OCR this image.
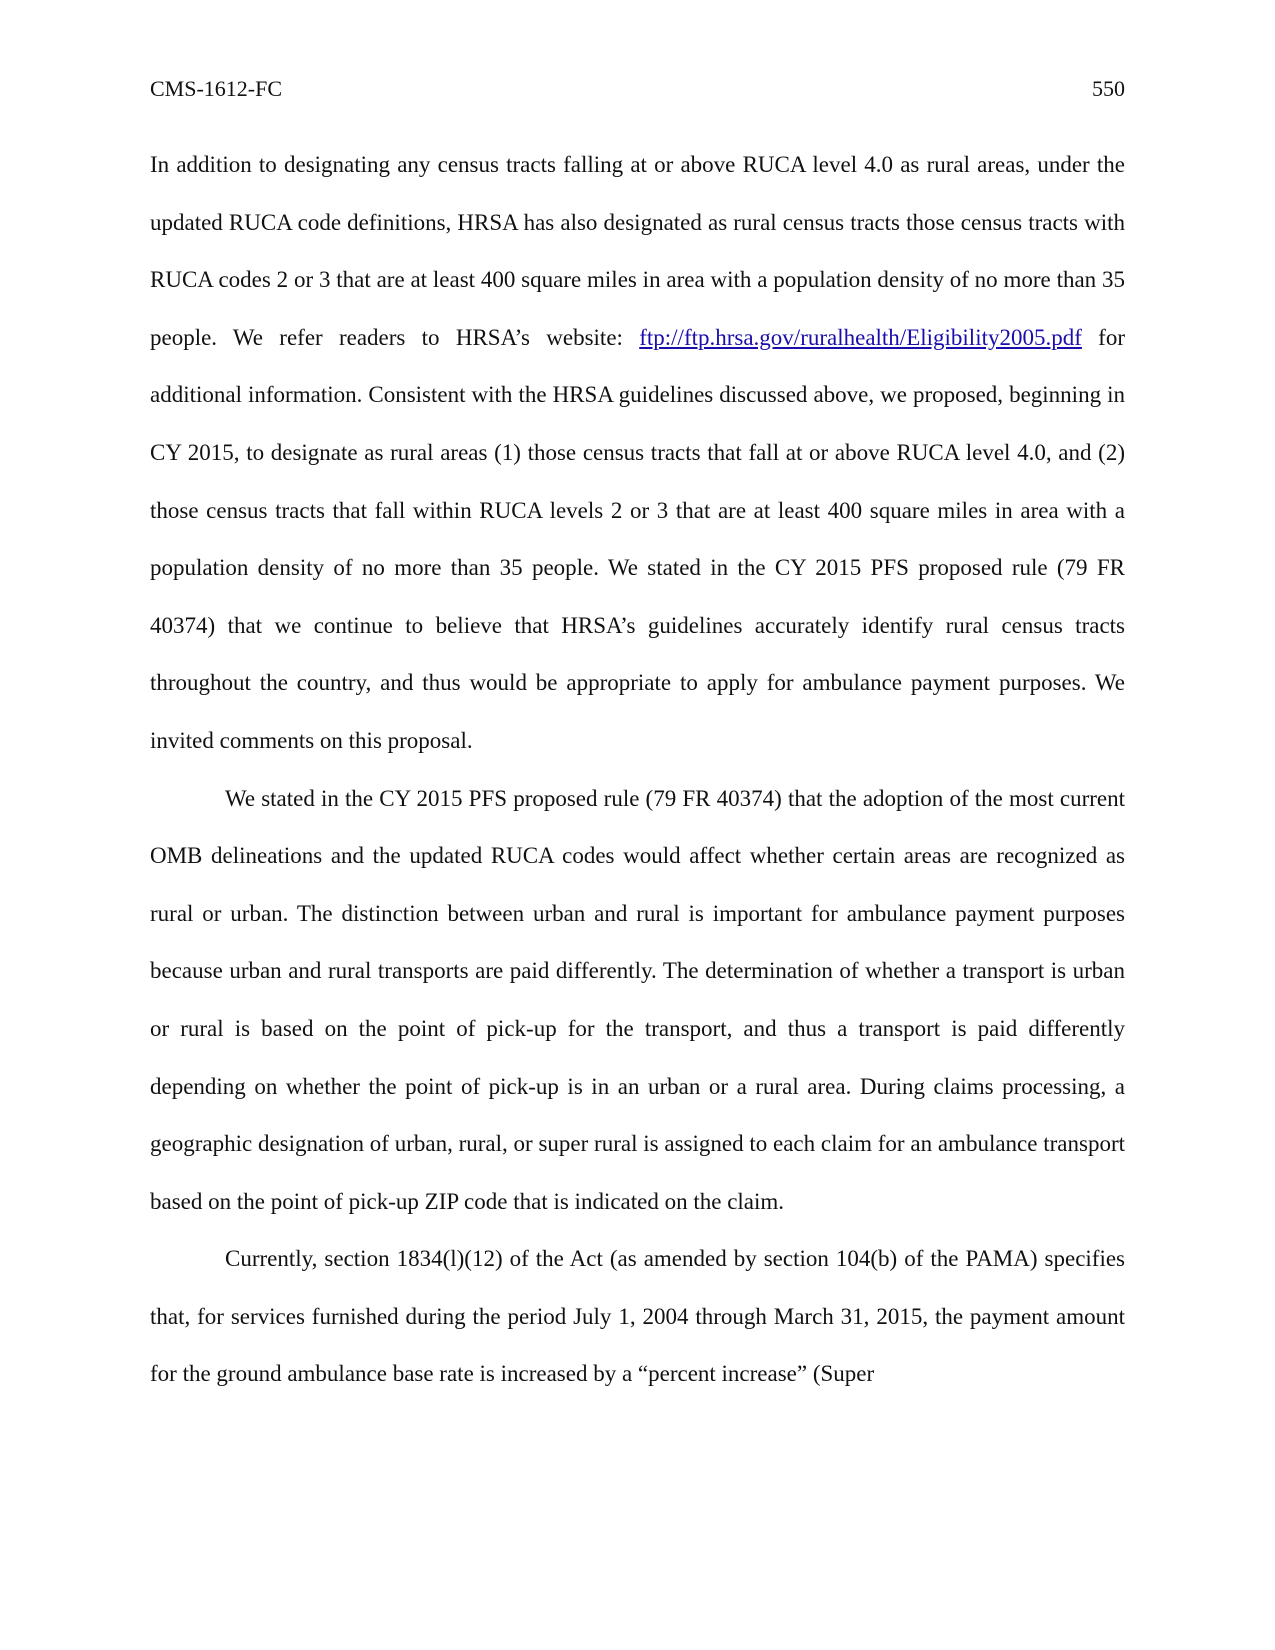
CMS-1612-FC	550

In addition to designating any census tracts falling at or above RUCA level 4.0 as rural areas, under the updated RUCA code definitions, HRSA has also designated as rural census tracts those census tracts with RUCA codes 2 or 3 that are at least 400 square miles in area with a population density of no more than 35 people. We refer readers to HRSA’s website: ftp://ftp.hrsa.gov/ruralhealth/Eligibility2005.pdf for additional information. Consistent with the HRSA guidelines discussed above, we proposed, beginning in CY 2015, to designate as rural areas (1) those census tracts that fall at or above RUCA level 4.0, and (2) those census tracts that fall within RUCA levels 2 or 3 that are at least 400 square miles in area with a population density of no more than 35 people. We stated in the CY 2015 PFS proposed rule (79 FR 40374) that we continue to believe that HRSA’s guidelines accurately identify rural census tracts throughout the country, and thus would be appropriate to apply for ambulance payment purposes. We invited comments on this proposal.

We stated in the CY 2015 PFS proposed rule (79 FR 40374) that the adoption of the most current OMB delineations and the updated RUCA codes would affect whether certain areas are recognized as rural or urban. The distinction between urban and rural is important for ambulance payment purposes because urban and rural transports are paid differently. The determination of whether a transport is urban or rural is based on the point of pick-up for the transport, and thus a transport is paid differently depending on whether the point of pick-up is in an urban or a rural area. During claims processing, a geographic designation of urban, rural, or super rural is assigned to each claim for an ambulance transport based on the point of pick-up ZIP code that is indicated on the claim.

Currently, section 1834(l)(12) of the Act (as amended by section 104(b) of the PAMA) specifies that, for services furnished during the period July 1, 2004 through March 31, 2015, the payment amount for the ground ambulance base rate is increased by a “percent increase” (Super
